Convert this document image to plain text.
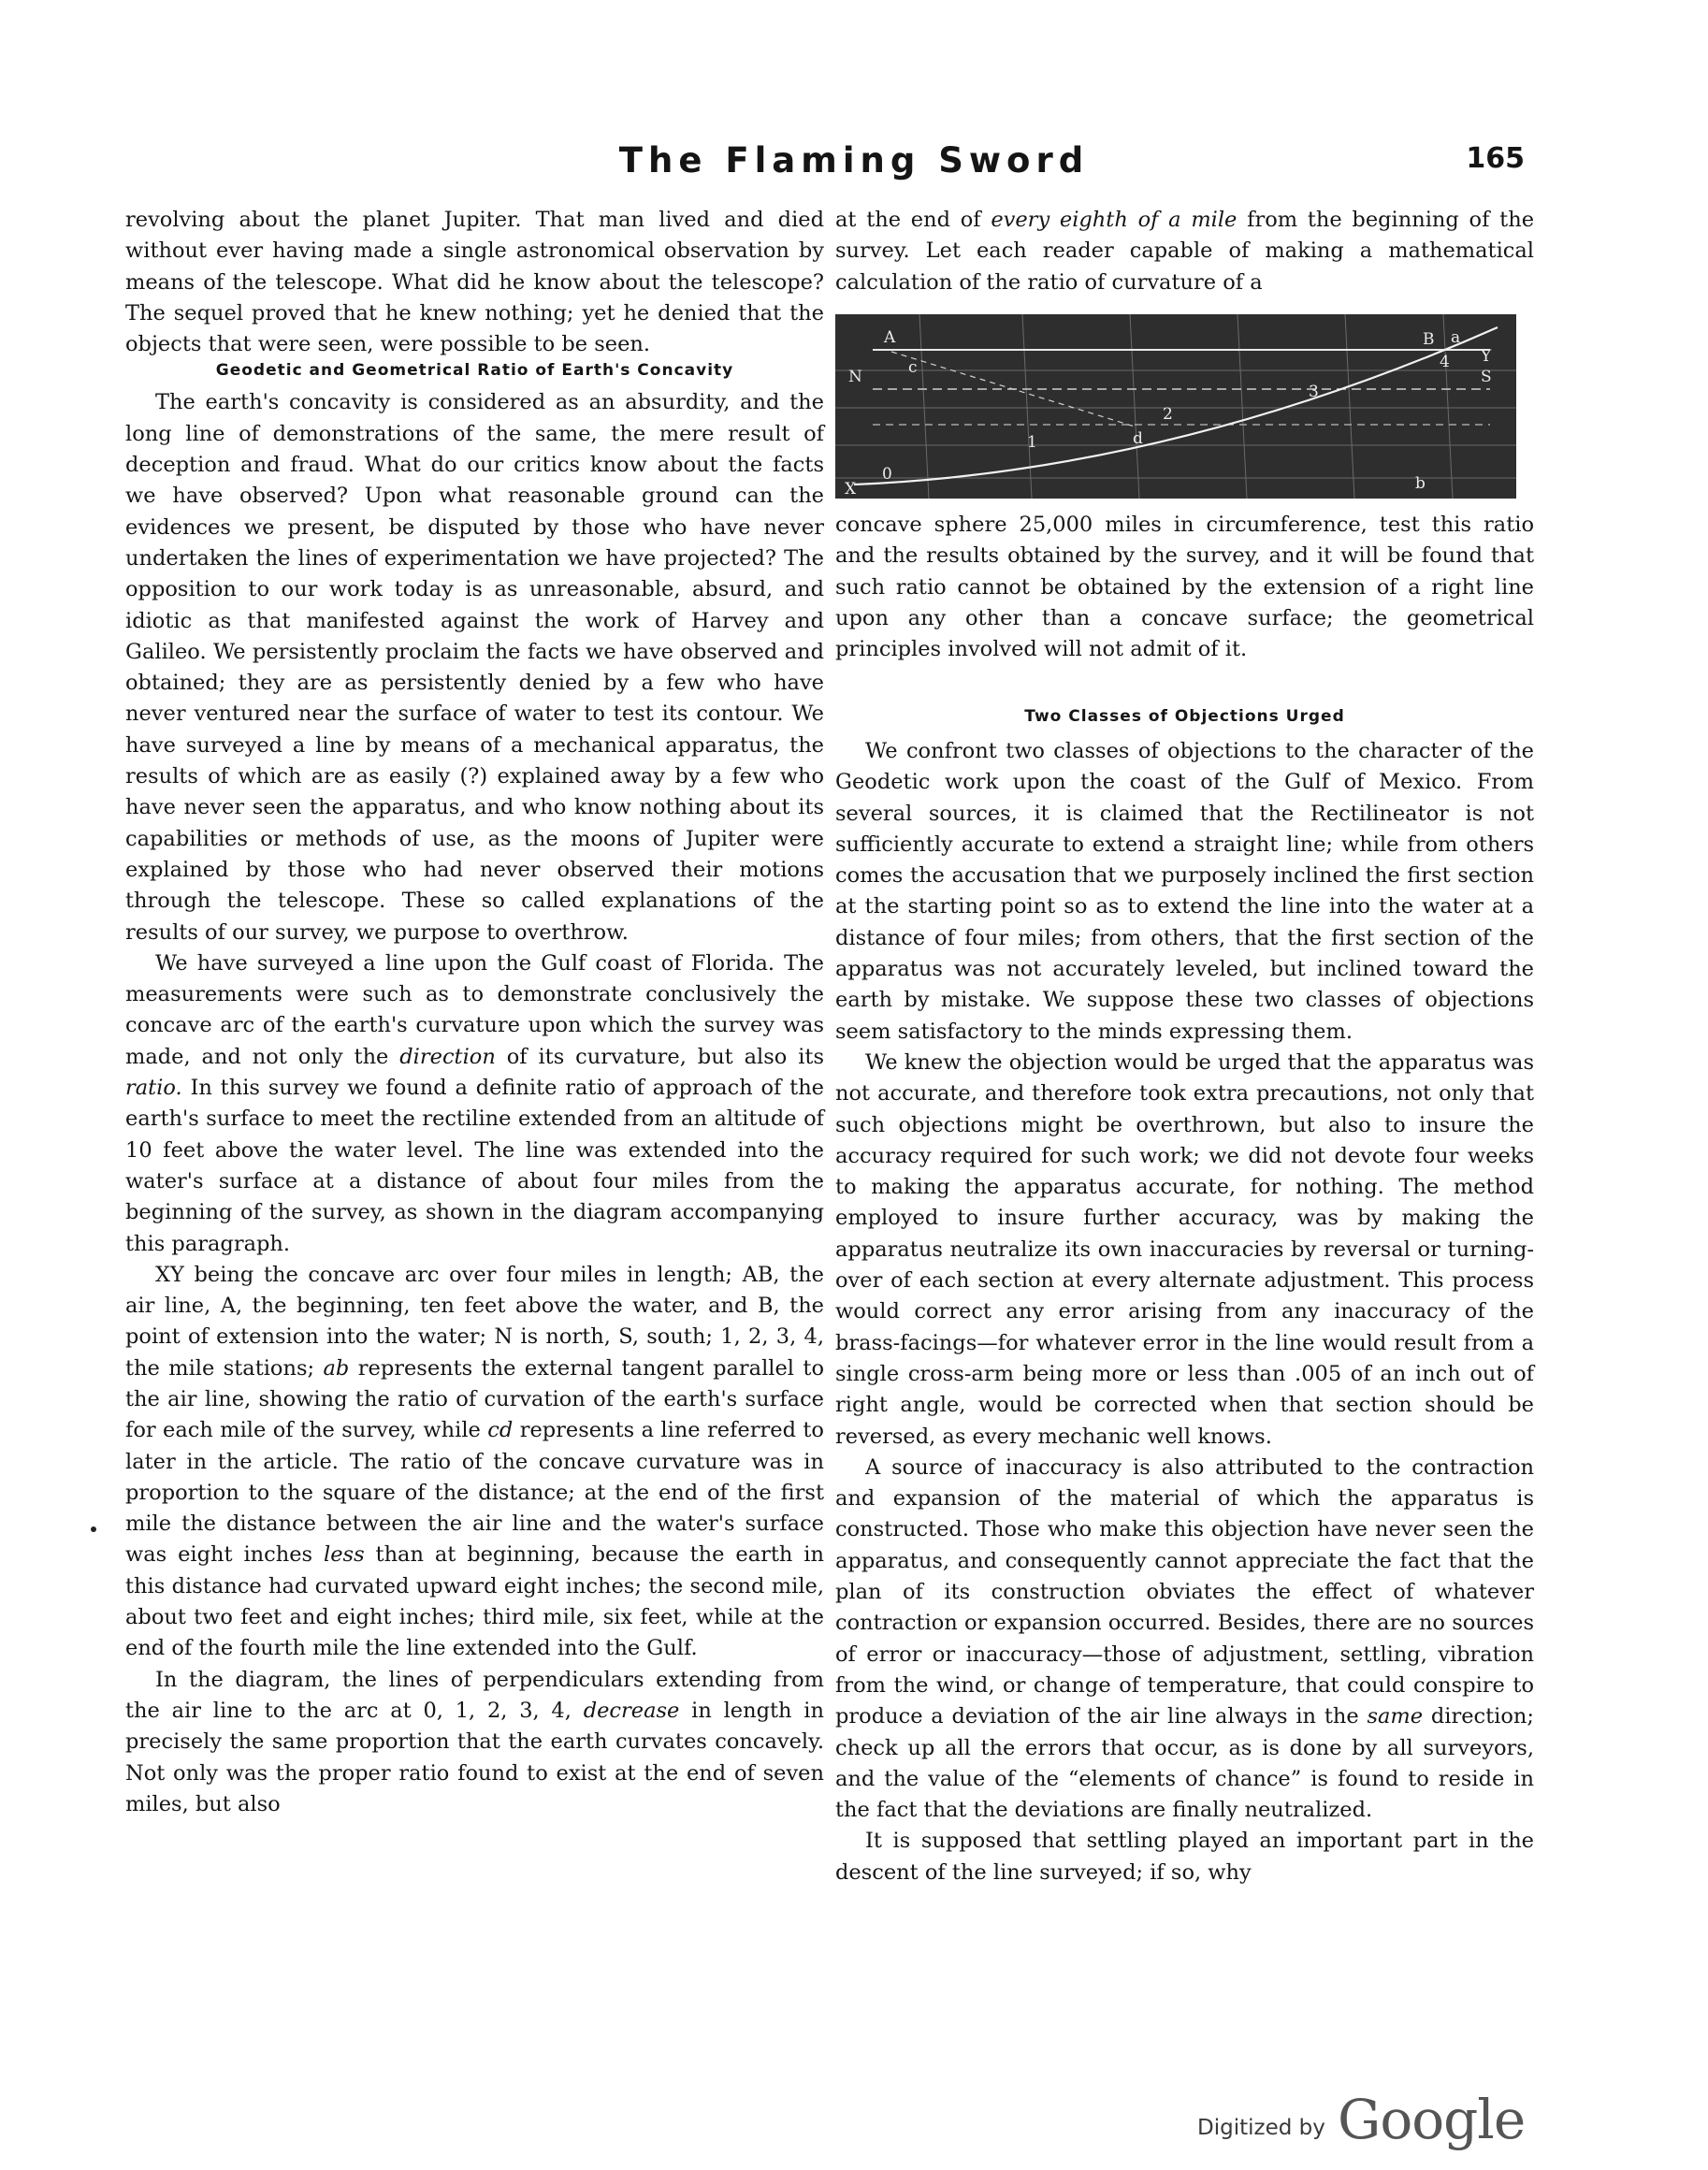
The Flaming Sword	165

revolving about the planet Jupiter. That man lived and died without ever having made a single astronomical observation by means of the telescope. What did he know about the telescope? The sequel proved that he knew nothing; yet he denied that the objects that were seen, were possible to be seen.

Geodetic and Geometrical Ratio of Earth's Concavity

The earth's concavity is considered as an absurdity, and the long line of demonstrations of the same, the mere result of deception and fraud. What do our critics know about the facts we have observed? Upon what reasonable ground can the evidences we present, be disputed by those who have never undertaken the lines of experimentation we have projected? The opposition to our work today is as unreasonable, absurd, and idiotic as that manifested against the work of Harvey and Galileo. We persistently proclaim the facts we have observed and obtained; they are as persistently denied by a few who have never ventured near the surface of water to test its contour. We have surveyed a line by means of a mechanical apparatus, the results of which are as easily (?) explained away by a few who have never seen the apparatus, and who know nothing about its capabilities or methods of use, as the moons of Jupiter were explained by those who had never observed their motions through the telescope. These so called explanations of the results of our survey, we purpose to overthrow.

We have surveyed a line upon the Gulf coast of Florida. The measurements were such as to demonstrate conclusively the concave arc of the earth's curvature upon which the survey was made, and not only the direction of its curvature, but also its ratio. In this survey we found a definite ratio of approach of the earth's surface to meet the rectiline extended from an altitude of 10 feet above the water level. The line was extended into the water's surface at a distance of about four miles from the beginning of the survey, as shown in the diagram accompanying this paragraph.

XY being the concave arc over four miles in length; AB, the air line, A, the beginning, ten feet above the water, and B, the point of extension into the water; N is north, S, south; 1, 2, 3, 4, the mile stations; ab represents the external tangent parallel to the air line, showing the ratio of curvation of the earth's surface for each mile of the survey, while cd represents a line referred to later in the article. The ratio of the concave curvature was in proportion to the square of the distance; at the end of the first mile the distance between the air line and the water's surface was eight inches less than at beginning, because the earth in this distance had curvated upward eight inches; the second mile, about two feet and eight inches; third mile, six feet, while at the end of the fourth mile the line extended into the Gulf.

In the diagram, the lines of perpendiculars extending from the air line to the arc at 0, 1, 2, 3, 4, decrease in length in precisely the same proportion that the earth curvates concavely. Not only was the proper ratio found to exist at the end of seven miles, but also

at the end of every eighth of a mile from the beginning of the survey. Let each reader capable of making a mathematical calculation of the ratio of curvature of a

A	B
N	S
X
Y
c
d
a
b
0
1
2
3
4

concave sphere 25,000 miles in circumference, test this ratio and the results obtained by the survey, and it will be found that such ratio cannot be obtained by the extension of a right line upon any other than a concave surface; the geometrical principles involved will not admit of it.

Two Classes of Objections Urged

We confront two classes of objections to the character of the Geodetic work upon the coast of the Gulf of Mexico. From several sources, it is claimed that the Rectilineator is not sufficiently accurate to extend a straight line; while from others comes the accusation that we purposely inclined the first section at the starting point so as to extend the line into the water at a distance of four miles; from others, that the first section of the apparatus was not accurately leveled, but inclined toward the earth by mistake. We suppose these two classes of objections seem satisfactory to the minds expressing them.

We knew the objection would be urged that the apparatus was not accurate, and therefore took extra precautions, not only that such objections might be overthrown, but also to insure the accuracy required for such work; we did not devote four weeks to making the apparatus accurate, for nothing. The method employed to insure further accuracy, was by making the apparatus neutralize its own inaccuracies by reversal or turning-over of each section at every alternate adjustment. This process would correct any error arising from any inaccuracy of the brass-facings—for whatever error in the line would result from a single cross-arm being more or less than .005 of an inch out of right angle, would be corrected when that section should be reversed, as every mechanic well knows.

A source of inaccuracy is also attributed to the contraction and expansion of the material of which the apparatus is constructed. Those who make this objection have never seen the apparatus, and consequently cannot appreciate the fact that the plan of its construction obviates the effect of whatever contraction or expansion occurred. Besides, there are no sources of error or inaccuracy—those of adjustment, settling, vibration from the wind, or change of temperature, that could conspire to produce a deviation of the air line always in the same direction; check up all the errors that occur, as is done by all surveyors, and the value of the “elements of chance” is found to reside in the fact that the deviations are finally neutralized.

It is supposed that settling played an important part in the descent of the line surveyed; if so, why

Digitized by Google
